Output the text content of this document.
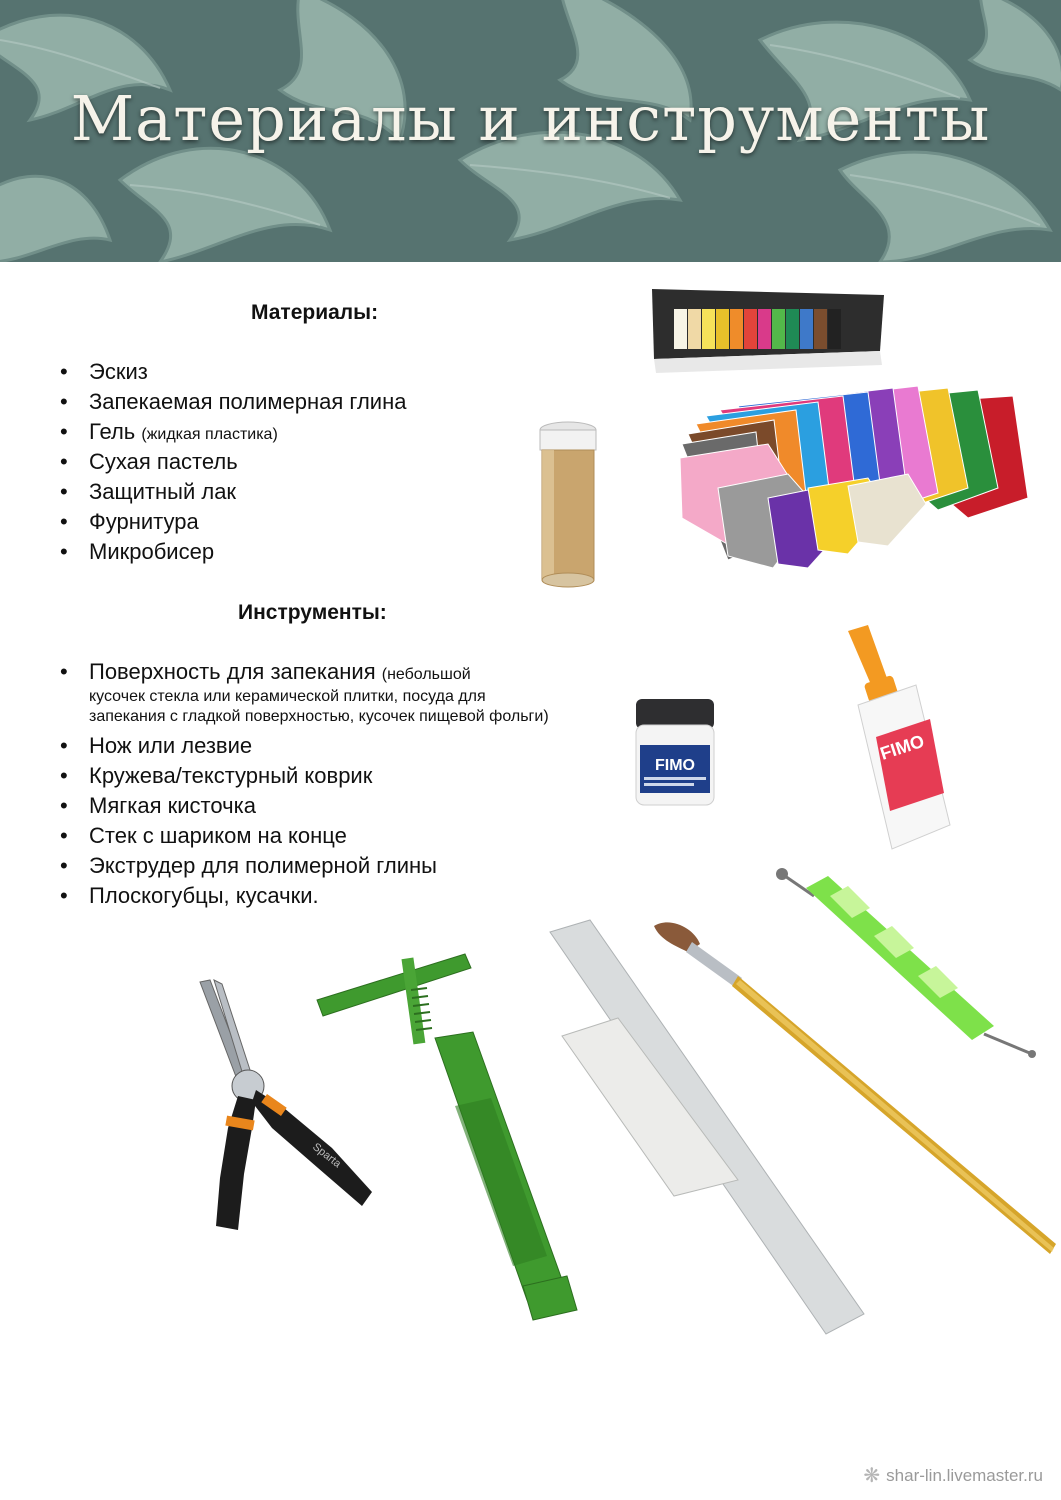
Материалы и инструменты
Материалы:
• Эскиз
• Запекаемая полимерная глина
• Гель (жидкая пластика)
• Сухая пастель
• Защитный лак
• Фурнитура
• Микробисер
Инструменты:
• Поверхность для запекания (небольшой
кусочек стекла или керамической плитки, посуда для запекания с гладкой поверхностью, кусочек пищевой фольги)
• Нож или лезвие
• Кружева/текстурный коврик
• Мягкая кисточка
• Стек с шариком на конце
• Экструдер для полимерной глины
• Плоскогубцы, кусачки.
FIMO
FIMO
Sparta
❋ shar-lin.livemaster.ru
